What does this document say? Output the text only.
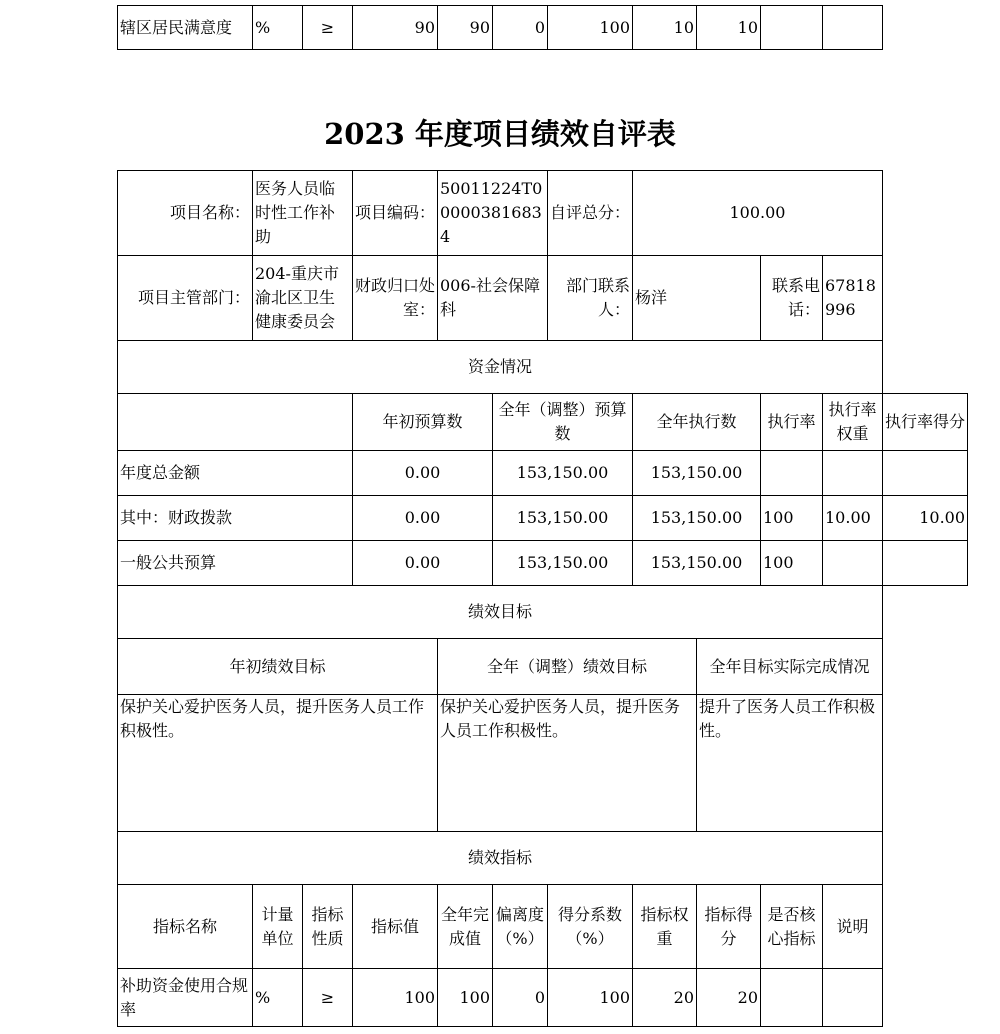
辖区居民满意度	%	≥	90	90	0	100	10	10		
2023 年度项目绩效自评表
项目名称：	医务人员临时性工作补助		项目编码：	50011224T000003816834		自评总分：	100.00				
项目主管部门：	204-重庆市渝北区卫生健康委员会		财政归口处室：	006-社会保障科		部门联系人：	杨洋		联系电话：	67818996	
资金情况											
			年初预算数		全年（调整）预算数		全年执行数		执行率	执行率权重	执行率得分
年度总金额			0.00		153,150.00		153,150.00				
其中：财政拨款			0.00		153,150.00		153,150.00		100	10.00	10.00
一般公共预算			0.00		153,150.00		153,150.00		100		
绩效目标											
年初绩效目标				全年（调整）绩效目标				全年目标实际完成情况			
保护关心爱护医务人员，提升医务人员工作积极性。				保护关心爱护医务人员，提升医务人员工作积极性。				提升了医务人员工作积极性。			
绩效指标											
指标名称	计量单位	指标性质	指标值	全年完成值	偏离度（%）	得分系数（%）	指标权重	指标得分	是否核心指标	说明	
补助资金使用合规率	%	≥	100	100	0	100	20	20			
